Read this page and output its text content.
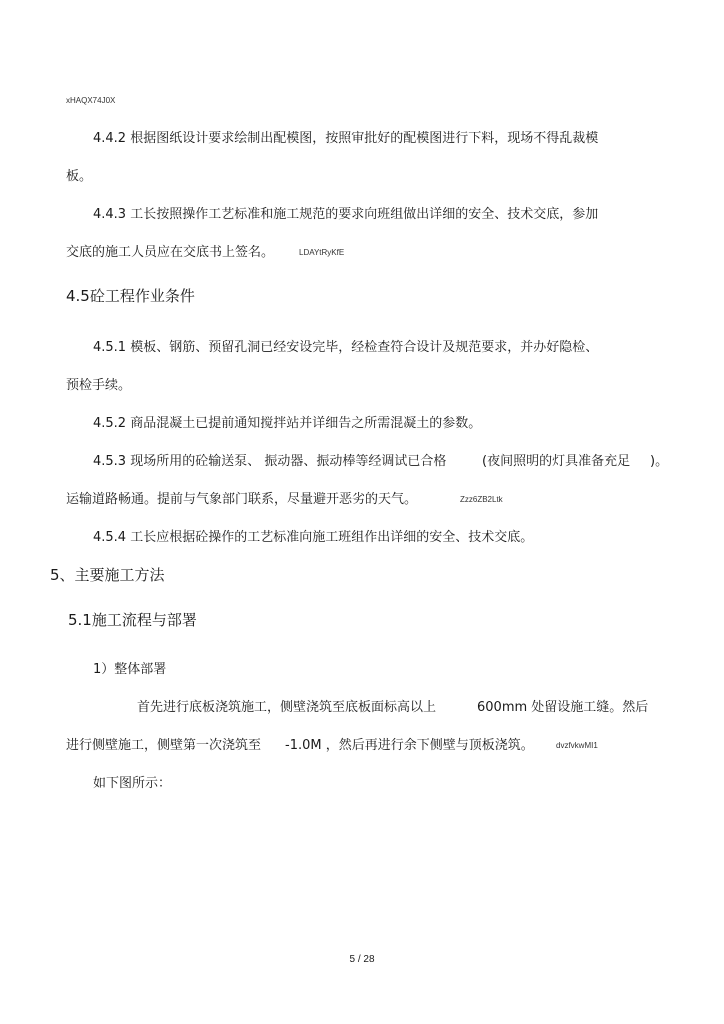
xHAQX74J0X
4.4.2 根据图纸设计要求绘制出配模图，按照审批好的配模图进行下料，现场不得乱裁模
板。
4.4.3 工长按照操作工艺标准和施工规范的要求向班组做出详细的安全、技术交底，参加
交底的施工人员应在交底书上签名。	LDAYtRyKfE
4.5砼工程作业条件
4.5.1 模板、钢筋、预留孔洞已经安设完毕，经检查符合设计及规范要求，并办好隐检、
预检手续。
4.5.2 商品混凝土已提前通知搅拌站并详细告之所需混凝土的参数。
4.5.3 现场所用的砼输送泵、 振动器、振动棒等经调试已合格	(夜间照明的灯具准备充足 )。
运输道路畅通。提前与气象部门联系，尽量避开恶劣的天气。	Zzz6ZB2Ltk
4.5.4 工长应根据砼操作的工艺标准向施工班组作出详细的安全、技术交底。
5、主要施工方法
5.1施工流程与部署
1）整体部署
首先进行底板浇筑施工，侧壁浇筑至底板面标高以上	600mm 处留设施工缝。然后
进行侧壁施工，侧壁第一次浇筑至 -1.0M ，然后再进行余下侧壁与顶板浇筑。	dvzfvkwMI1
如下图所示：
5 / 28
